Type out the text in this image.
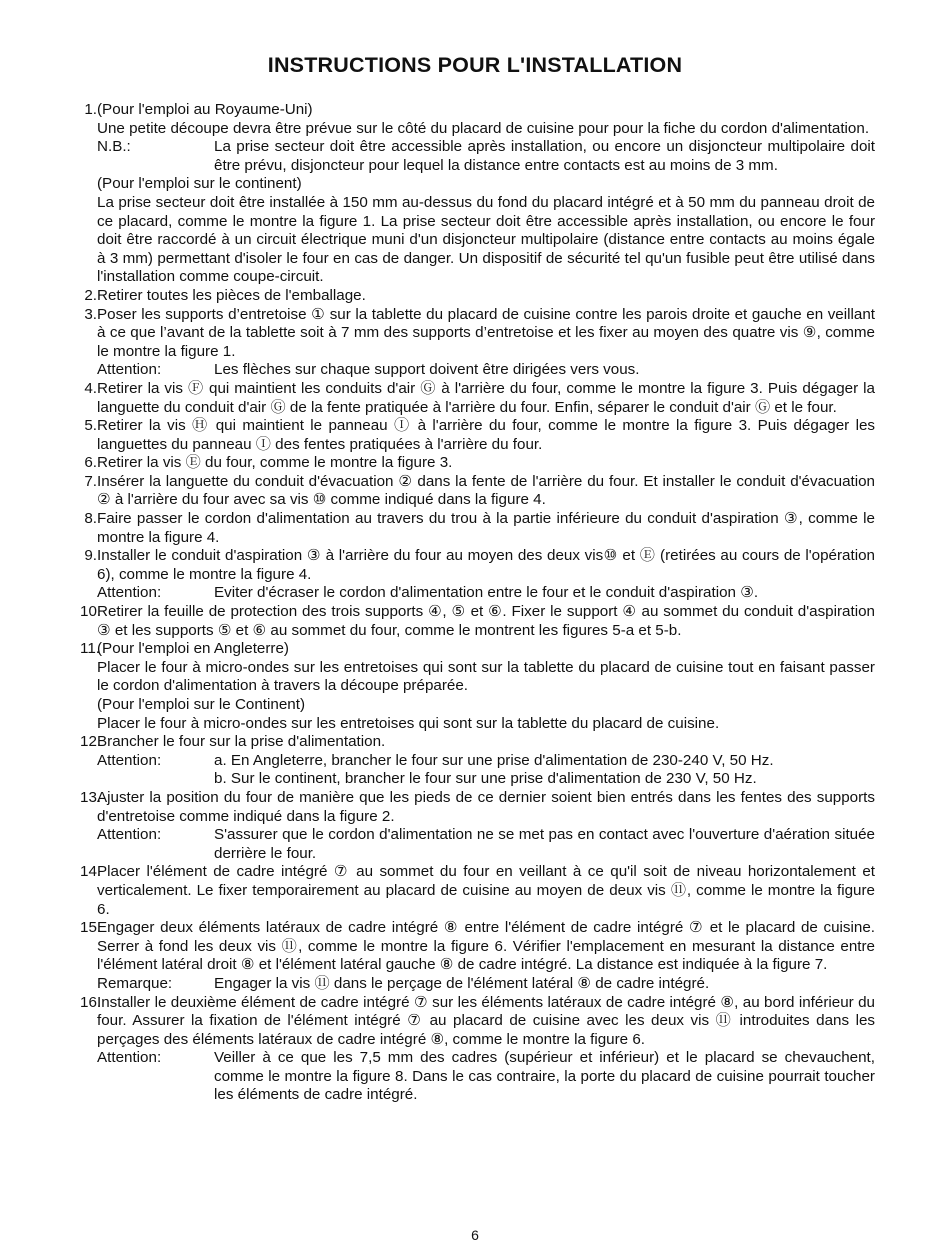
INSTRUCTIONS POUR L'INSTALLATION
1. (Pour l'emploi au Royaume-Uni)
Une petite découpe devra être prévue sur le côté du placard de cuisine pour pour la fiche du cordon d'alimentation.
N.B.:	La prise secteur doit être accessible après installation, ou encore un disjoncteur multipolaire doit être prévu, disjoncteur pour lequel la distance entre contacts est au moins de 3 mm.
(Pour l'emploi sur le continent)
La prise secteur doit être installée à 150 mm au-dessus du fond du placard intégré et à 50 mm du panneau droit de ce placard, comme le montre la figure 1. La prise secteur doit être accessible après installation, ou encore le four doit être raccordé à un circuit électrique muni d'un disjoncteur multipolaire (distance entre contacts au moins égale à 3 mm) permettant d'isoler le four en cas de danger. Un dispositif de sécurité tel qu'un fusible peut être utilisé dans l'installation comme coupe-circuit.
2. Retirer toutes les pièces de l'emballage.
3. Poser les supports d’entretoise ① sur la tablette du placard de cuisine contre les parois droite et gauche en veillant à ce que l’avant de la tablette soit à 7 mm des supports d’entretoise et les fixer au moyen des quatre vis ⑨, comme le montre la figure 1.
Attention:	Les flèches sur chaque support doivent être dirigées vers vous.
4. Retirer la vis Ⓕ qui maintient les conduits d'air Ⓖ à l'arrière du four, comme le montre la figure 3. Puis dégager la languette du conduit d'air Ⓖ de la fente pratiquée à l'arrière du four. Enfin, séparer le conduit d'air Ⓖ et le four.
5. Retirer la vis Ⓗ qui maintient le panneau Ⓘ à l'arrière du four, comme le montre la figure 3. Puis dégager les languettes du panneau Ⓘ des fentes pratiquées à l'arrière du four.
6. Retirer la vis Ⓔ du four, comme le montre la figure 3.
7. Insérer la languette du conduit d'évacuation ② dans la fente de l'arrière du four. Et installer le conduit d'évacuation ② à l'arrière du four avec sa vis ⑩ comme indiqué dans la figure 4.
8. Faire passer le cordon d'alimentation au travers du trou à la partie inférieure du conduit d'aspiration ③, comme le montre la figure 4.
9. Installer le conduit d'aspiration ③ à l'arrière du four au moyen des deux vis⑩ et Ⓔ (retirées au cours de l'opération 6), comme le montre la figure 4.
Attention:	Eviter d'écraser le cordon d'alimentation entre le four et le conduit d'aspiration ③.
10.
Retirer la feuille de protection des trois supports ④, ⑤ et ⑥. Fixer le support ④ au sommet du conduit d'aspiration ③ et les supports ⑤ et ⑥ au sommet du four, comme le montrent les figures 5-a et 5-b.
11.
(Pour l'emploi en Angleterre)
Placer le four à micro-ondes sur les entretoises qui sont sur la tablette du placard de cuisine tout en faisant passer le cordon d'alimentation à travers la découpe préparée.
(Pour l'emploi sur le Continent)
Placer le four à micro-ondes sur les entretoises qui sont sur la tablette du placard de cuisine.
12.
Brancher le four sur la prise d'alimentation.
Attention:	a. En Angleterre, brancher le four sur une prise d'alimentation de 230-240 V, 50 Hz.
b. Sur le continent, brancher le four sur une prise d'alimentation de 230 V, 50 Hz.
13.
Ajuster la position du four de manière que les pieds de ce dernier soient bien entrés dans les fentes des supports d'entretoise comme indiqué dans la figure 2.
Attention:	S'assurer que le cordon d'alimentation ne se met pas en contact avec l'ouverture d'aération située derrière le four.
14.
Placer l'élément de cadre intégré ⑦ au sommet du four en veillant à ce qu'il soit de niveau horizontalement et verticalement. Le fixer temporairement au placard de cuisine au moyen de deux vis ⑪, comme le montre la figure 6.
15.
Engager deux éléments latéraux de cadre intégré ⑧ entre l'élément de cadre intégré ⑦ et le placard de cuisine. Serrer à fond les deux vis ⑪, comme le montre la figure 6. Vérifier l'emplacement en mesurant la distance entre l'élément latéral droit ⑧ et l'élément latéral gauche ⑧ de cadre intégré. La distance est indiquée à la figure 7.
Remarque:	Engager la vis ⑪ dans le perçage de l'élément latéral ⑧ de cadre intégré.
16.
Installer le deuxième élément de cadre intégré ⑦ sur les éléments latéraux de cadre intégré ⑧, au bord inférieur du four. Assurer la fixation de l'élément intégré ⑦ au placard de cuisine avec les deux vis ⑪ introduites dans les perçages des éléments latéraux de cadre intégré ⑧, comme le montre la figure 6.
Attention:	Veiller à ce que les 7,5 mm des cadres (supérieur et inférieur) et le placard se chevauchent, comme le montre la figure 8. Dans le cas contraire, la porte du placard de cuisine pourrait toucher les éléments de cadre intégré.
6
